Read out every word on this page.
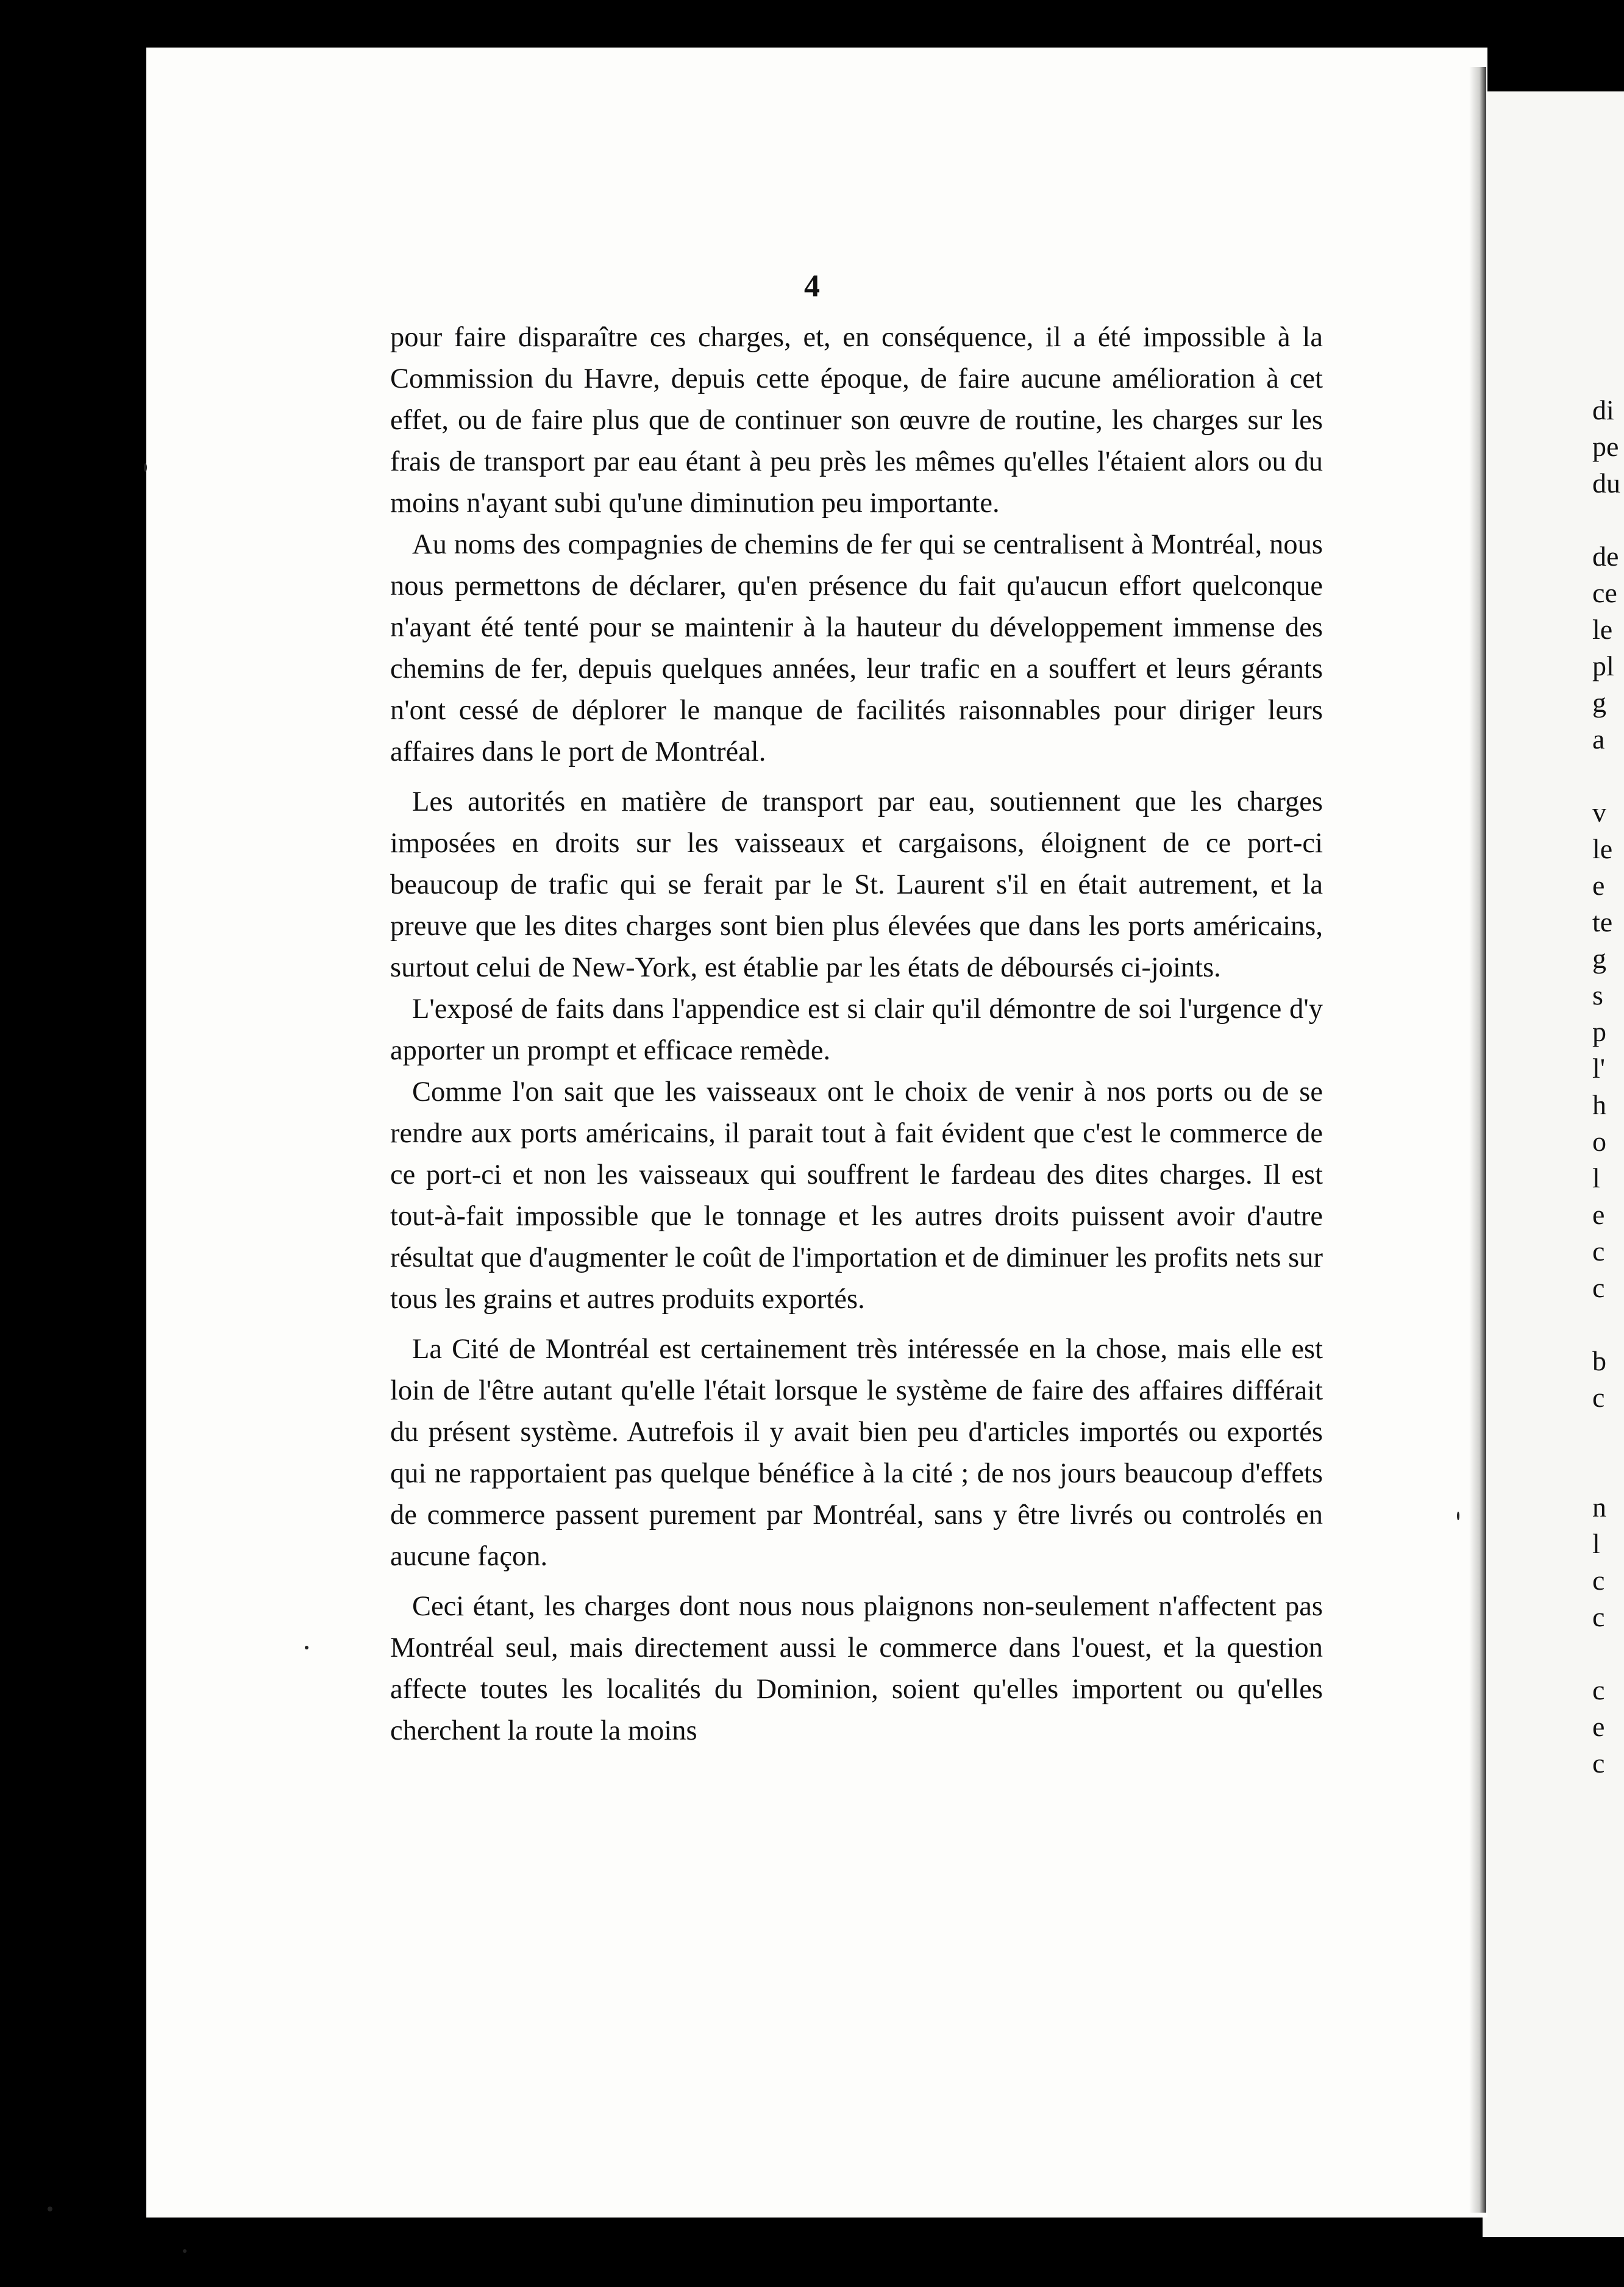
4

pour faire disparaître ces charges, et, en conséquence, il a été impossible à la Commission du Havre, depuis cette époque, de faire aucune amélioration à cet effet, ou de faire plus que de continuer son œuvre de routine, les charges sur les frais de transport par eau étant à peu près les mêmes qu'elles l'étaient alors ou du moins n'ayant subi qu'une diminution peu importante.

Au noms des compagnies de chemins de fer qui se centralisent à Montréal, nous nous permettons de déclarer, qu'en présence du fait qu'aucun effort quelconque n'ayant été tenté pour se maintenir à la hauteur du développement immense des chemins de fer, depuis quelques années, leur trafic en a souffert et leurs gérants n'ont cessé de déplorer le manque de facilités raisonnables pour diriger leurs affaires dans le port de Montréal.

Les autorités en matière de transport par eau, soutiennent que les charges imposées en droits sur les vaisseaux et cargaisons, éloignent de ce port-ci beaucoup de trafic qui se ferait par le St. Laurent s'il en était autrement, et la preuve que les dites charges sont bien plus élevées que dans les ports américains, surtout celui de New-York, est établie par les états de déboursés ci-joints.

L'exposé de faits dans l'appendice est si clair qu'il démontre de soi l'urgence d'y apporter un prompt et efficace remède.

Comme l'on sait que les vaisseaux ont le choix de venir à nos ports ou de se rendre aux ports américains, il parait tout à fait évident que c'est le commerce de ce port-ci et non les vaisseaux qui souffrent le fardeau des dites charges. Il est tout-à-fait impossible que le tonnage et les autres droits puissent avoir d'autre résultat que d'augmenter le coût de l'importation et de diminuer les profits nets sur tous les grains et autres produits exportés.

La Cité de Montréal est certainement très intéressée en la chose, mais elle est loin de l'être autant qu'elle l'était lorsque le système de faire des affaires différait du présent système. Autrefois il y avait bien peu d'articles importés ou exportés qui ne rapportaient pas quelque bénéfice à la cité ; de nos jours beaucoup d'effets de commerce passent purement par Montréal, sans y être livrés ou controlés en aucune façon.

Ceci étant, les charges dont nous nous plaignons non-seulement n'affectent pas Montréal seul, mais directement aussi le commerce dans l'ouest, et la question affecte toutes les localités du Dominion, soient qu'elles importent ou qu'elles cherchent la route la moins

di
pe
du
de
ce
le
pl
g
a
v
le
e
te
g
s
p
l'
h
o
l
e
c
c
b
c
n
l
c
c
c
e
c
